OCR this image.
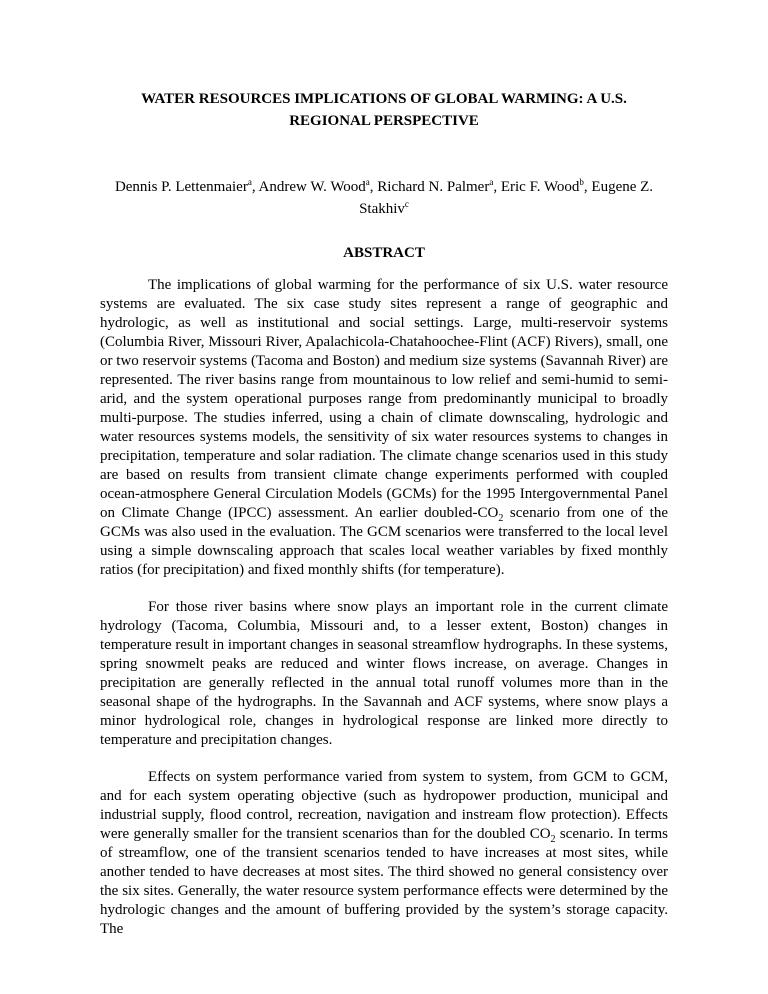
WATER RESOURCES IMPLICATIONS OF GLOBAL WARMING: A U.S. REGIONAL PERSPECTIVE

Dennis P. Lettenmaier$^a$, Andrew W. Wood$^a$, Richard N. Palmer$^a$, Eric F. Wood$^b$, Eugene Z. Stakhiv$^c$

ABSTRACT

The implications of global warming for the performance of six U.S. water resource systems are evaluated. The six case study sites represent a range of geographic and hydrologic, as well as institutional and social settings. Large, multi-reservoir systems (Columbia River, Missouri River, Apalachicola-Chatahoochee-Flint (ACF) Rivers), small, one or two reservoir systems (Tacoma and Boston) and medium size systems (Savannah River) are represented. The river basins range from mountainous to low relief and semi-humid to semi-arid, and the system operational purposes range from predominantly municipal to broadly multi-purpose. The studies inferred, using a chain of climate downscaling, hydrologic and water resources systems models, the sensitivity of six water resources systems to changes in precipitation, temperature and solar radiation. The climate change scenarios used in this study are based on results from transient climate change experiments performed with coupled ocean-atmosphere General Circulation Models (GCMs) for the 1995 Intergovernmental Panel on Climate Change (IPCC) assessment. An earlier doubled-$CO_2$ scenario from one of the GCMs was also used in the evaluation. The GCM scenarios were transferred to the local level using a simple downscaling approach that scales local weather variables by fixed monthly ratios (for precipitation) and fixed monthly shifts (for temperature).

For those river basins where snow plays an important role in the current climate hydrology (Tacoma, Columbia, Missouri and, to a lesser extent, Boston) changes in temperature result in important changes in seasonal streamflow hydrographs. In these systems, spring snowmelt peaks are reduced and winter flows increase, on average. Changes in precipitation are generally reflected in the annual total runoff volumes more than in the seasonal shape of the hydrographs. In the Savannah and ACF systems, where snow plays a minor hydrological role, changes in hydrological response are linked more directly to temperature and precipitation changes.

Effects on system performance varied from system to system, from GCM to GCM, and for each system operating objective (such as hydropower production, municipal and industrial supply, flood control, recreation, navigation and instream flow protection). Effects were generally smaller for the transient scenarios than for the doubled $CO_2$ scenario. In terms of streamflow, one of the transient scenarios tended to have increases at most sites, while another tended to have decreases at most sites. The third showed no general consistency over the six sites. Generally, the water resource system performance effects were determined by the hydrologic changes and the amount of buffering provided by the system’s storage capacity. The
